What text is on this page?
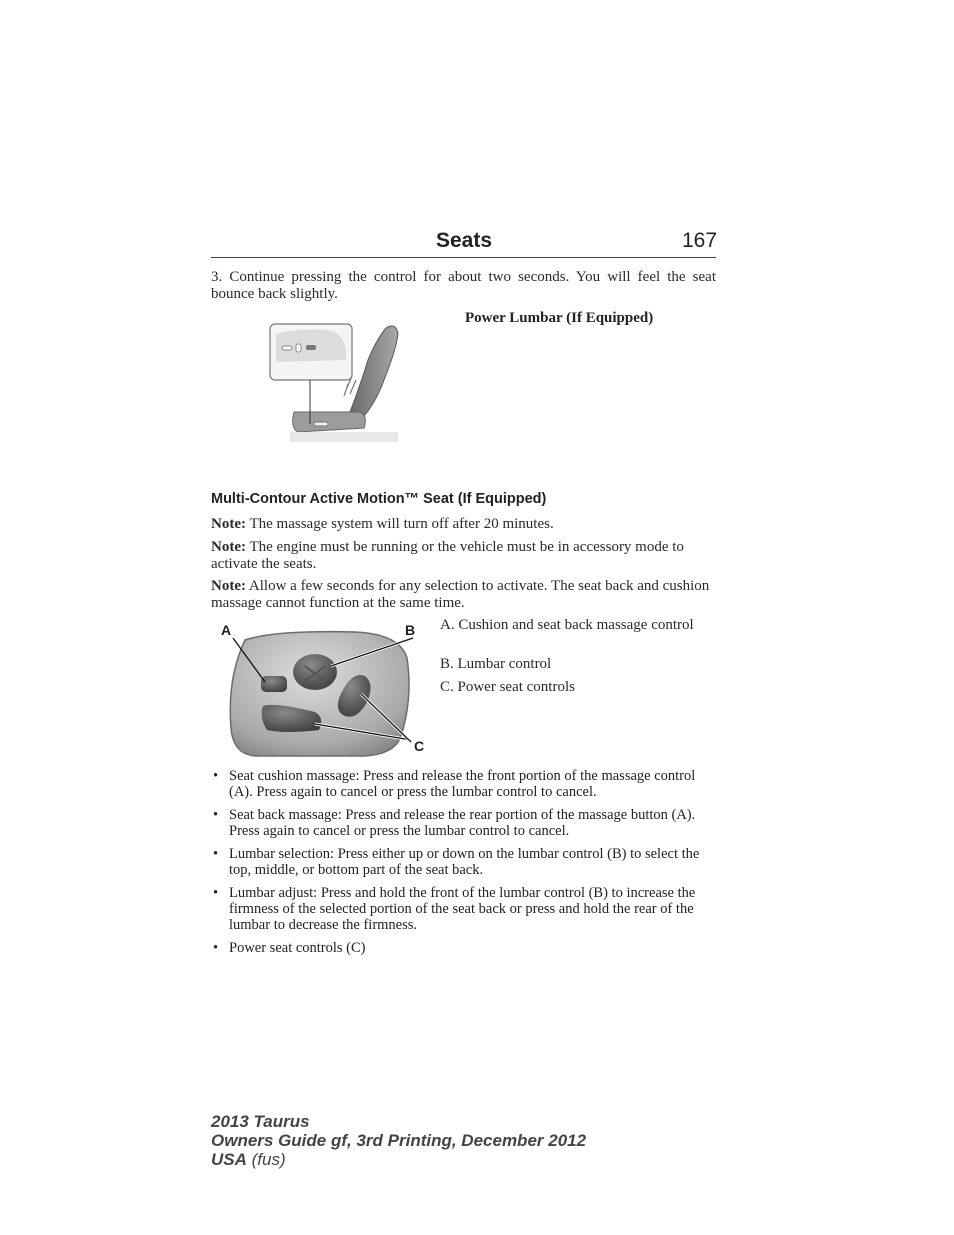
Seats	167
3. Continue pressing the control for about two seconds. You will feel the seat bounce back slightly.
Power Lumbar (If Equipped)
Multi-Contour Active Motion™ Seat (If Equipped)
Note: The massage system will turn off after 20 minutes.
Note: The engine must be running or the vehicle must be in accessory mode to activate the seats.
Note: Allow a few seconds for any selection to activate. The seat back and cushion massage cannot function at the same time.
A	B
C
A. Cushion and seat back massage control
B. Lumbar control
C. Power seat controls
• Seat cushion massage: Press and release the front portion of the massage control (A). Press again to cancel or press the lumbar control to cancel.
• Seat back massage: Press and release the rear portion of the massage button (A). Press again to cancel or press the lumbar control to cancel.
• Lumbar selection: Press either up or down on the lumbar control (B) to select the top, middle, or bottom part of the seat back.
• Lumbar adjust: Press and hold the front of the lumbar control (B) to increase the firmness of the selected portion of the seat back or press and hold the rear of the lumbar to decrease the firmness.
• Power seat controls (C)
2013 Taurus
Owners Guide gf, 3rd Printing, December 2012
USA (fus)
